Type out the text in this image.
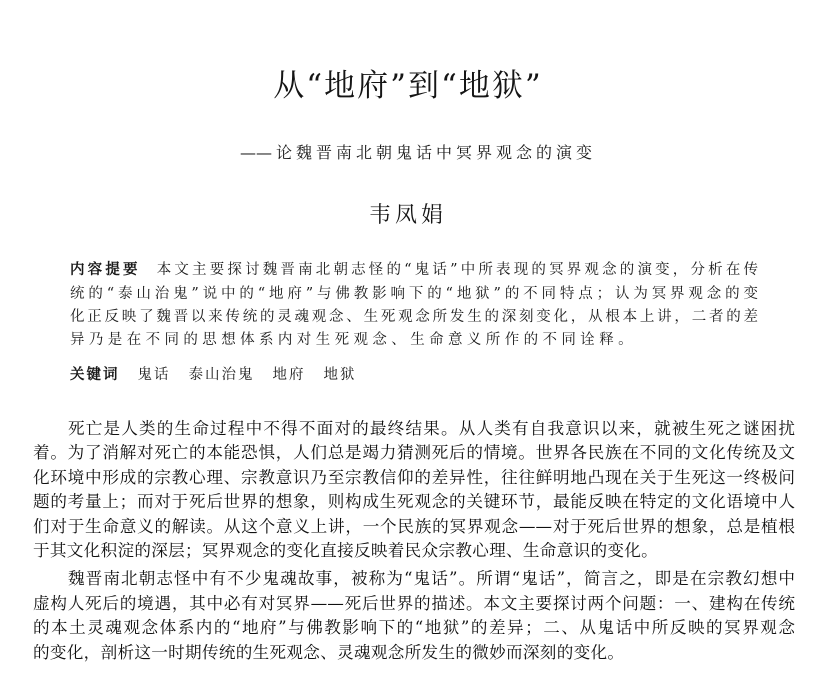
从“地府”到“地狱”
——论魏晋南北朝鬼话中冥界观念的演变
韦凤娟
内容提要 本文主要探讨魏晋南北朝志怪的“鬼话”中所表现的冥界观念的演变，分析在传
统的“泰山治鬼”说中的“地府”与佛教影响下的“地狱”的不同特点；认为冥界观念的变
化正反映了魏晋以来传统的灵魂观念、生死观念所发生的深刻变化，从根本上讲，二者的差
异乃是在不同的思想体系内对生死观念、生命意义所作的不同诠释。
关键词 鬼话 泰山治鬼 地府 地狱
死亡是人类的生命过程中不得不面对的最终结果。从人类有自我意识以来，就被生死之谜困扰
着。为了消解对死亡的本能恐惧，人们总是竭力猜测死后的情境。世界各民族在不同的文化传统及文
化环境中形成的宗教心理、宗教意识乃至宗教信仰的差异性，往往鲜明地凸现在关于生死这一终极问
题的考量上；而对于死后世界的想象，则构成生死观念的关键环节，最能反映在特定的文化语境中人
们对于生命意义的解读。从这个意义上讲，一个民族的冥界观念——对于死后世界的想象，总是植根
于其文化积淀的深层；冥界观念的变化直接反映着民众宗教心理、生命意识的变化。
魏晋南北朝志怪中有不少鬼魂故事，被称为“鬼话”。所谓“鬼话”，简言之，即是在宗教幻想中
虚构人死后的境遇，其中必有对冥界——死后世界的描述。本文主要探讨两个问题：一、建构在传统
的本土灵魂观念体系内的“地府”与佛教影响下的“地狱”的差异；二、从鬼话中所反映的冥界观念
的变化，剖析这一时期传统的生死观念、灵魂观念所发生的微妙而深刻的变化。
